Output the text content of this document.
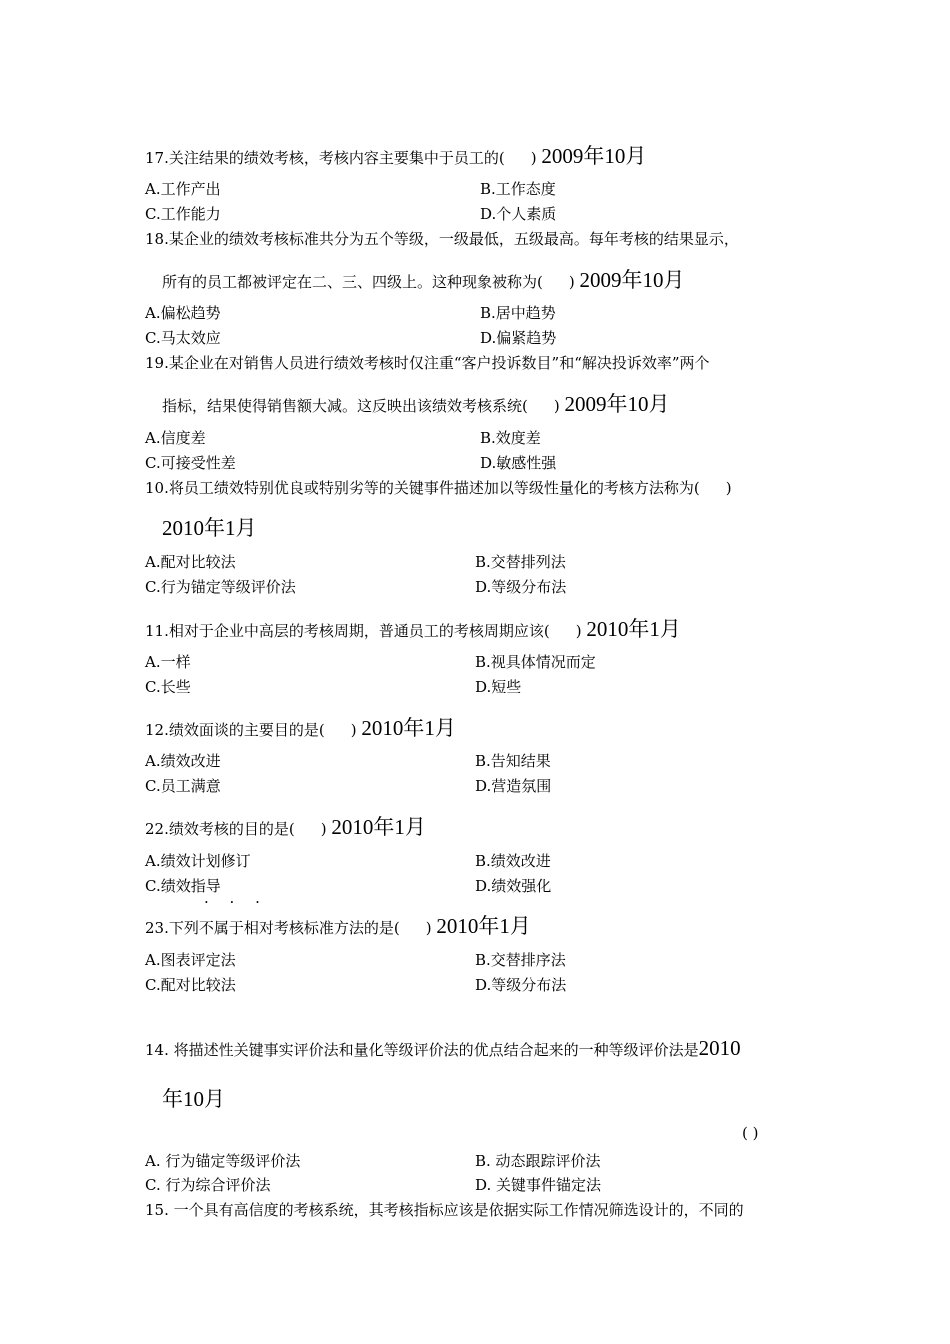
17.关注结果的绩效考核，考核内容主要集中于员工的( ) 2009年10月
A.工作产出	B.工作态度
C.工作能力	D.个人素质
18.某企业的绩效考核标准共分为五个等级，一级最低，五级最高。每年考核的结果显示，
所有的员工都被评定在二、三、四级上。这种现象被称为( ) 2009年10月
A.偏松趋势	B.居中趋势
C.马太效应	D.偏紧趋势
19.某企业在对销售人员进行绩效考核时仅注重“客户投诉数目”和“解决投诉效率”两个
指标，结果使得销售额大减。这反映出该绩效考核系统( ) 2009年10月
A.信度差	B.效度差
C.可接受性差	D.敏感性强
10.将员工绩效特别优良或特别劣等的关键事件描述加以等级性量化的考核方法称为( )
2010年1月
A.配对比较法	B.交替排列法
C.行为锚定等级评价法	D.等级分布法
11.相对于企业中高层的考核周期，普通员工的考核周期应该( ) 2010年1月
A.一样	B.视具体情况而定
C.长些	D.短些
12.绩效面谈的主要目的是( ) 2010年1月
A.绩效改进	B.告知结果
C.员工满意	D.营造氛围
22.绩效考核的目的是( ) 2010年1月
A.绩效计划修订	B.绩效改进
C.绩效指导	D.绩效强化
· · ·
23.下列不属于相对考核标准方法的是( ) 2010年1月
A.图表评定法	B.交替排序法
C.配对比较法	D.等级分布法
14. 将描述性关键事实评价法和量化等级评价法的优点结合起来的一种等级评价法是2010
年10月
( )
A. 行为锚定等级评价法	B. 动态跟踪评价法
C. 行为综合评价法	D. 关键事件锚定法
15. 一个具有高信度的考核系统，其考核指标应该是依据实际工作情况筛选设计的，不同的
